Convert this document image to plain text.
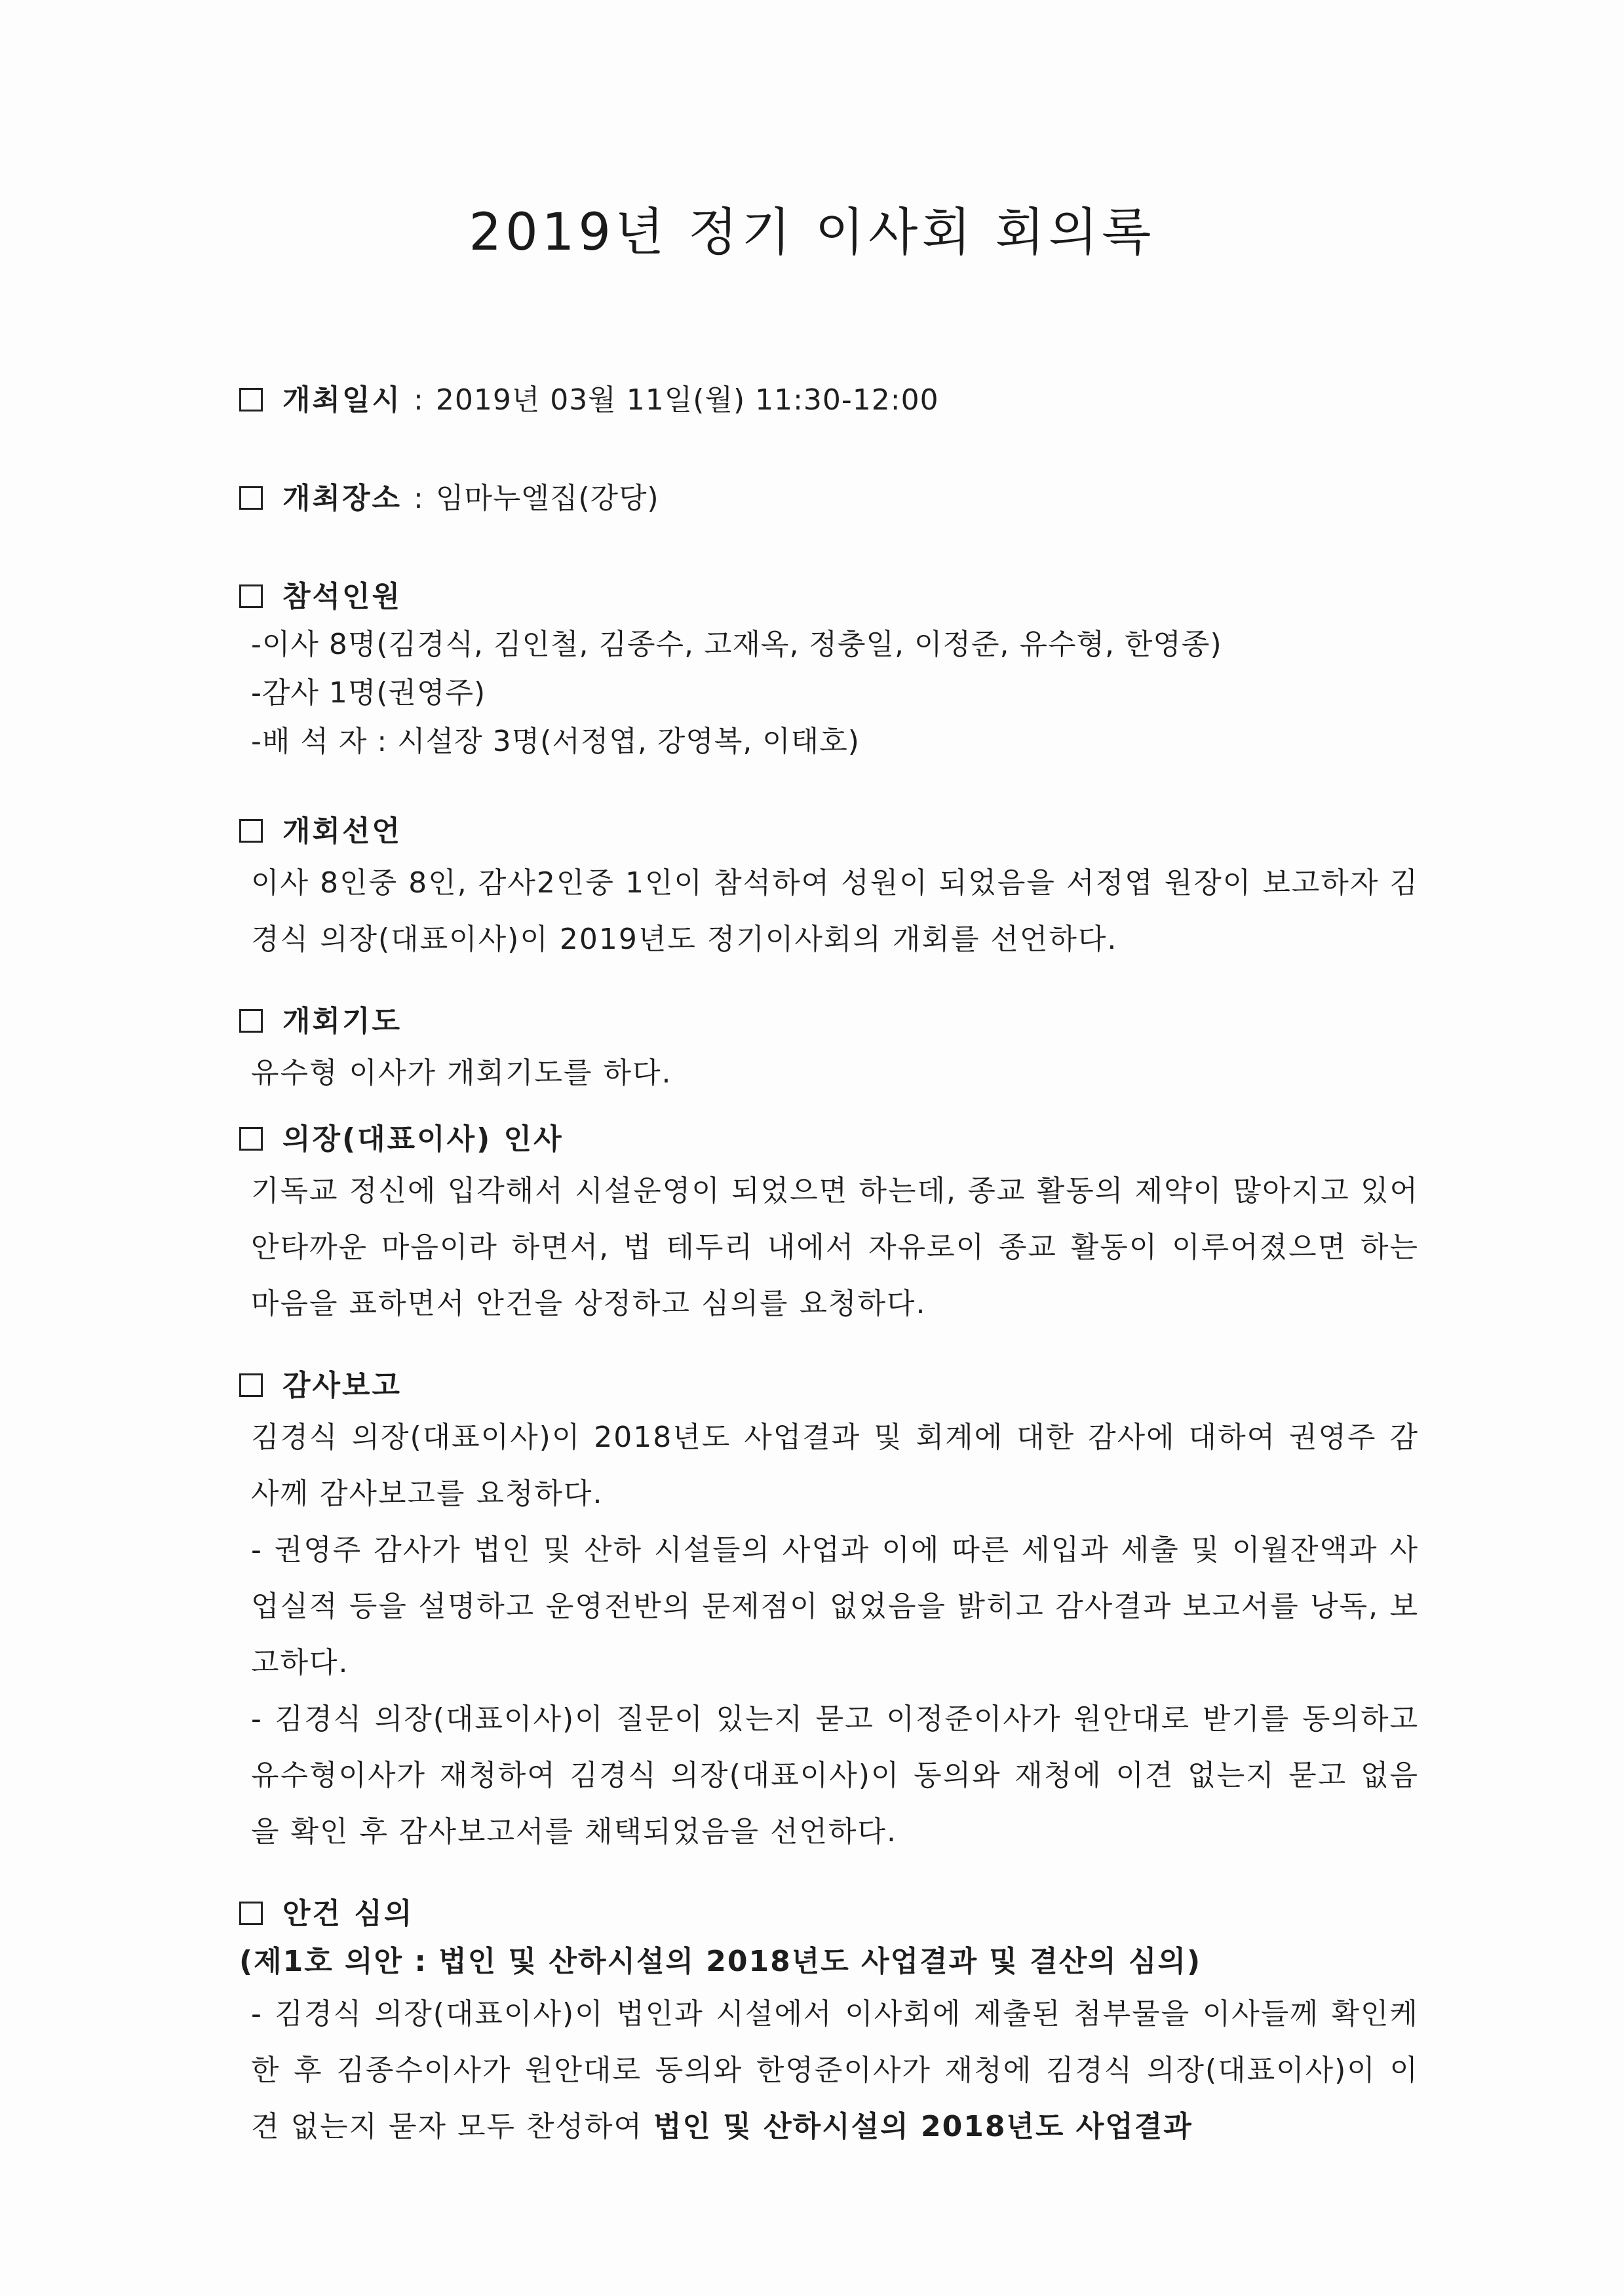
2019년 정기 이사회 회의록
개최일시 : 2019년 03월 11일(월) 11:30-12:00
개최장소 : 임마누엘집(강당)
참석인원
-이사 8명(김경식, 김인철, 김종수, 고재옥, 정충일, 이정준, 유수형, 한영종)
-감사 1명(권영주)
-배 석 자 : 시설장 3명(서정엽, 강영복, 이태호)
개회선언
이사 8인중 8인, 감사2인중 1인이 참석하여 성원이 되었음을 서정엽 원장이 보고하자 김경식 의장(대표이사)이 2019년도 정기이사회의 개회를 선언하다.
개회기도
유수형 이사가 개회기도를 하다.
의장(대표이사) 인사
기독교 정신에 입각해서 시설운영이 되었으면 하는데, 종교 활동의 제약이 많아지고 있어 안타까운 마음이라 하면서, 법 테두리 내에서 자유로이 종교 활동이 이루어졌으면 하는 마음을 표하면서 안건을 상정하고 심의를 요청하다.
감사보고
김경식 의장(대표이사)이 2018년도 사업결과 및 회계에 대한 감사에 대하여 권영주 감사께 감사보고를 요청하다.
- 권영주 감사가 법인 및 산하 시설들의 사업과 이에 따른 세입과 세출 및 이월잔액과 사업실적 등을 설명하고 운영전반의 문제점이 없었음을 밝히고 감사결과 보고서를 낭독, 보고하다.
- 김경식 의장(대표이사)이 질문이 있는지 묻고 이정준이사가 원안대로 받기를 동의하고 유수형이사가 재청하여 김경식 의장(대표이사)이 동의와 재청에 이견 없는지 묻고 없음을 확인 후 감사보고서를 채택되었음을 선언하다.
안건 심의
(제1호 의안 : 법인 및 산하시설의 2018년도 사업결과 및 결산의 심의)
- 김경식 의장(대표이사)이 법인과 시설에서 이사회에 제출된 첨부물을 이사들께 확인케 한 후 김종수이사가 원안대로 동의와 한영준이사가 재청에 김경식 의장(대표이사)이 이견 없는지 묻자 모두 찬성하여 법인 및 산하시설의 2018년도 사업결과
